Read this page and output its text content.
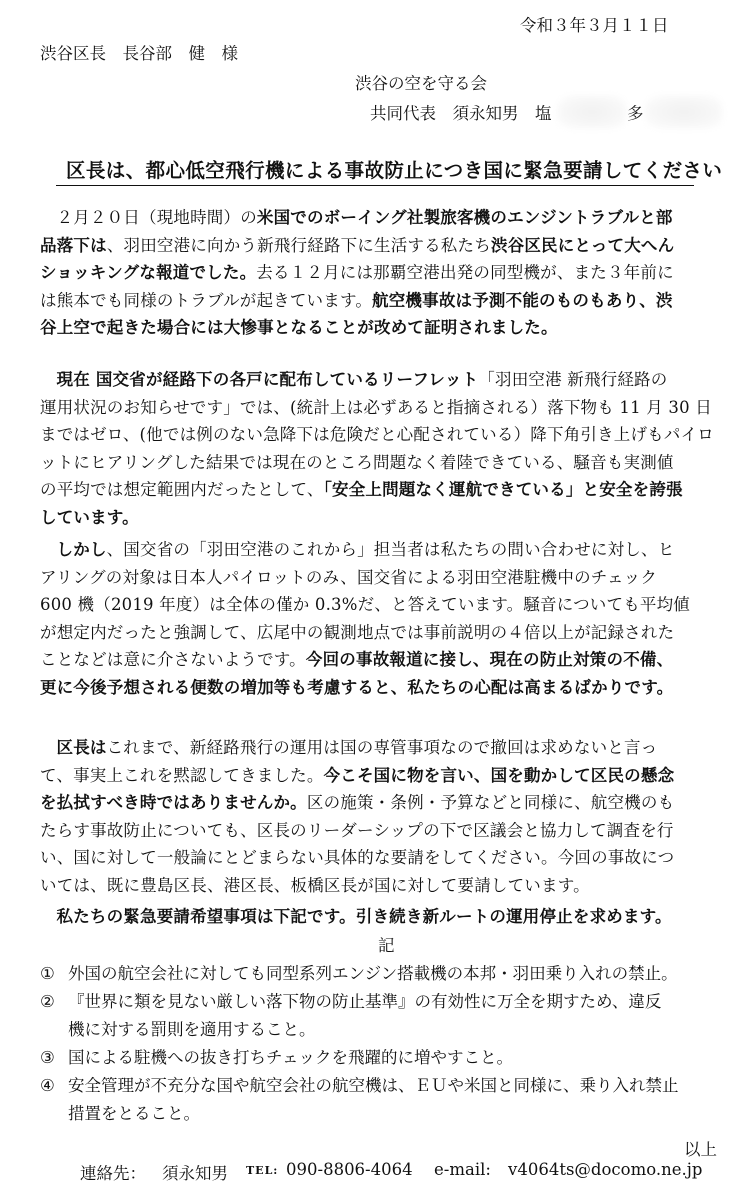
令和３年３月１１日
渋谷区長　長谷部　健　様
渋谷の空を守る会
共同代表　須永知男　塩	多
区長は、都心低空飛行機による事故防止につき国に緊急要請してください
２月２０日（現地時間）の米国でのボーイング社製旅客機のエンジントラブルと部
品落下は、羽田空港に向かう新飛行経路下に生活する私たち渋谷区民にとって大へん
ショッキングな報道でした。去る１２月には那覇空港出発の同型機が、また３年前に
は熊本でも同様のトラブルが起きています。航空機事故は予測不能のものもあり、渋
谷上空で起きた場合には大惨事となることが改めて証明されました。
現在 国交省が経路下の各戸に配布しているリーフレット「羽田空港 新飛行経路の
運用状況のお知らせです」では、(統計上は必ずあると指摘される）落下物も 11 月 30 日
まではゼロ、(他では例のない急降下は危険だと心配されている）降下角引き上げもパイロ
ットにヒアリングした結果では現在のところ問題なく着陸できている、騒音も実測値
の平均では想定範囲内だったとして、「安全上問題なく運航できている」と安全を誇張
しています。
しかし、国交省の「羽田空港のこれから」担当者は私たちの問い合わせに対し、ヒ
アリングの対象は日本人パイロットのみ、国交省による羽田空港駐機中のチェック
600 機（2019 年度）は全体の僅か 0.3%だ、と答えています。騒音についても平均値
が想定内だったと強調して、広尾中の観測地点では事前説明の４倍以上が記録された
ことなどは意に介さないようです。今回の事故報道に接し、現在の防止対策の不備、
更に今後予想される便数の増加等も考慮すると、私たちの心配は高まるばかりです。
区長はこれまで、新経路飛行の運用は国の専管事項なので撤回は求めないと言っ
て、事実上これを黙認してきました。今こそ国に物を言い、国を動かして区民の懸念
を払拭すべき時ではありませんか。区の施策・条例・予算などと同様に、航空機のも
たらす事故防止についても、区長のリーダーシップの下で区議会と協力して調査を行
い、国に対して一般論にとどまらない具体的な要請をしてください。今回の事故につ
いては、既に豊島区長、港区長、板橋区長が国に対して要請しています。
私たちの緊急要請希望事項は下記です。引き続き新ルートの運用停止を求めます。
記
① 外国の航空会社に対しても同型系列エンジン搭載機の本邦・羽田乗り入れの禁止。
② 『世界に類を見ない厳しい落下物の防止基準』の有効性に万全を期すため、違反
機に対する罰則を適用すること。
③ 国による駐機への抜き打ちチェックを飛躍的に増やすこと。
④ 安全管理が不充分な国や航空会社の航空機は、ＥＵや米国と同様に、乗り入れ禁止
措置をとること。
以上
連絡先： 須永知男 TEL: 090-8806-4064 e-mail: v4064ts@docomo.ne.jp
